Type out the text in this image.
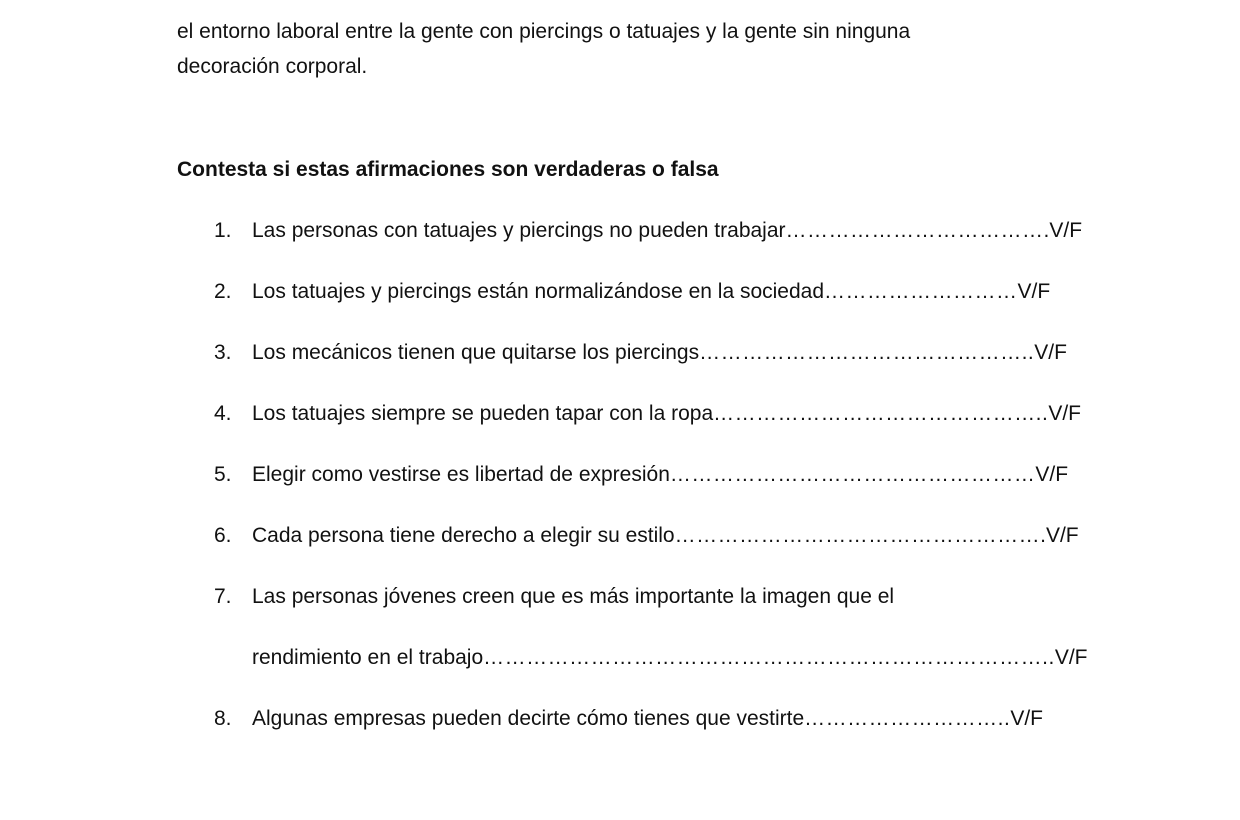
el entorno laboral entre la gente con piercings o tatuajes y la gente sin ninguna

decoración corporal.

Contesta si estas afirmaciones son verdaderas o falsa
1. Las personas con tatuajes y piercings no pueden trabajar……………………………….V/F
2. Los tatuajes y piercings están normalizándose en la sociedad………………………V/F
3. Los mecánicos tienen que quitarse los piercings………………………………………..V/F
4. Los tatuajes siempre se pueden tapar con la ropa………………………………………..V/F
5. Elegir como vestirse es libertad de expresión……………………………………………V/F
6. Cada persona tiene derecho a elegir su estilo…………………………………………….V/F
7. Las personas jóvenes creen que es más importante la imagen que el
rendimiento en el trabajo……………………………………………………………………..V/F
8. Algunas empresas pueden decirte cómo tienes que vestirte………………………..V/F
